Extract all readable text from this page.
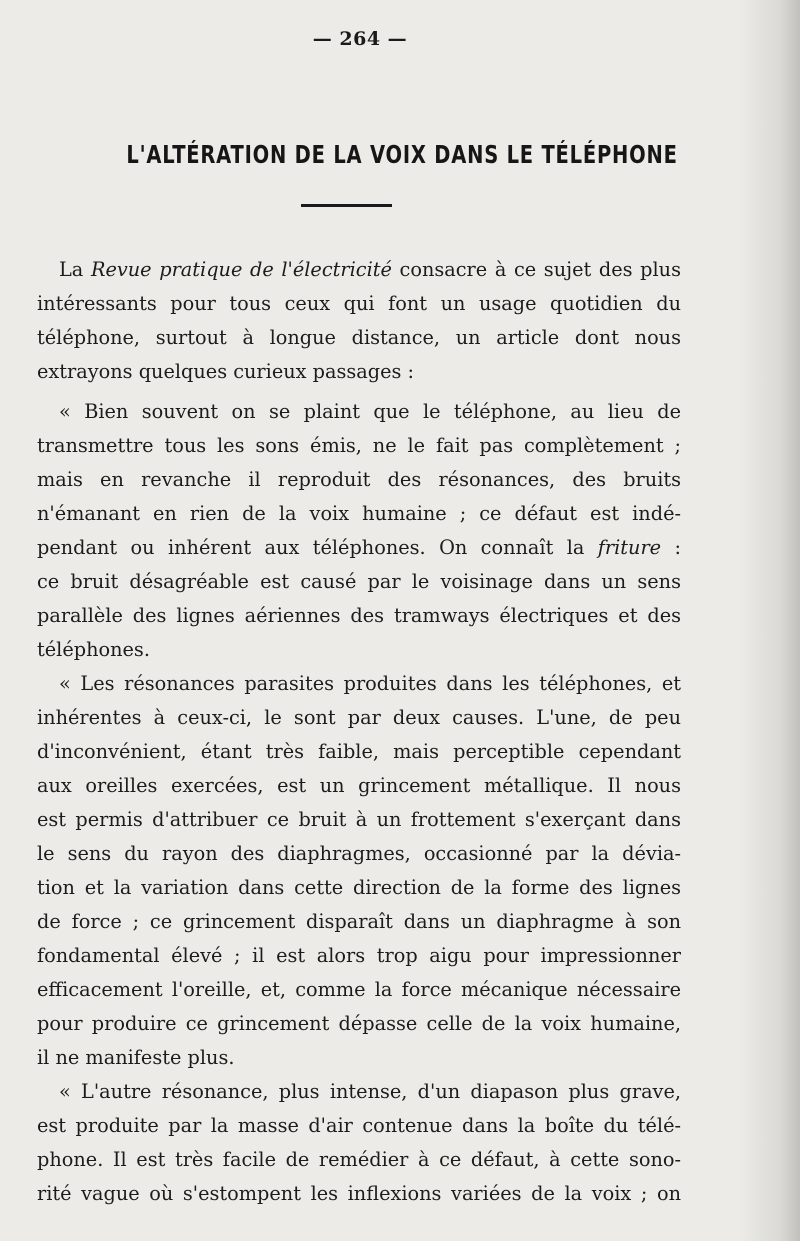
— 264 —
L'ALTÉRATION DE LA VOIX DANS LE TÉLÉPHONE

La Revue pratique de l'électricité consacre à ce sujet des plus
intéressants pour tous ceux qui font un usage quotidien du
téléphone, surtout à longue distance, un article dont nous
extrayons quelques curieux passages :

« Bien souvent on se plaint que le téléphone, au lieu de
transmettre tous les sons émis, ne le fait pas complètement ;
mais en revanche il reproduit des résonances, des bruits
n'émanant en rien de la voix humaine ; ce défaut est indé-
pendant ou inhérent aux téléphones. On connaît la friture :
ce bruit désagréable est causé par le voisinage dans un sens
parallèle des lignes aériennes des tramways électriques et des
téléphones.

« Les résonances parasites produites dans les téléphones, et
inhérentes à ceux-ci, le sont par deux causes. L'une, de peu
d'inconvénient, étant très faible, mais perceptible cependant
aux oreilles exercées, est un grincement métallique. Il nous
est permis d'attribuer ce bruit à un frottement s'exerçant dans
le sens du rayon des diaphragmes, occasionné par la dévia-
tion et la variation dans cette direction de la forme des lignes
de force ; ce grincement disparaît dans un diaphragme à son
fondamental élevé ; il est alors trop aigu pour impressionner
efficacement l'oreille, et, comme la force mécanique nécessaire
pour produire ce grincement dépasse celle de la voix humaine,
il ne manifeste plus.

« L'autre résonance, plus intense, d'un diapason plus grave,
est produite par la masse d'air contenue dans la boîte du télé-
phone. Il est très facile de remédier à ce défaut, à cette sono-
rité vague où s'estompent les inflexions variées de la voix ; on
